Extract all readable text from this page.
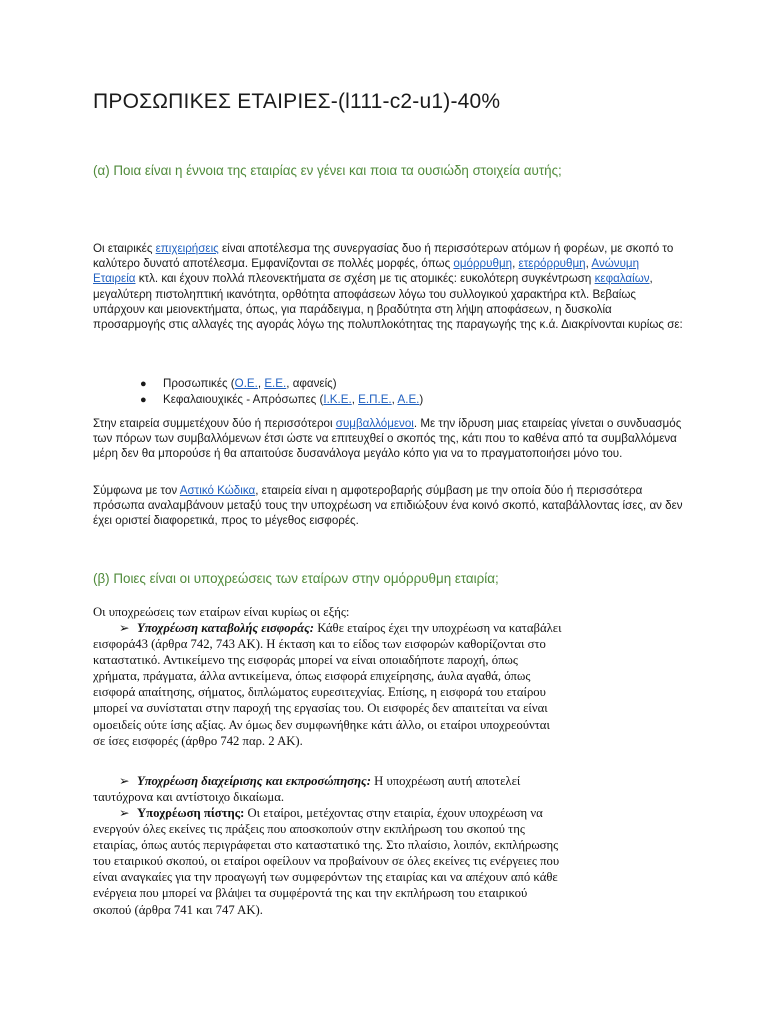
ΠΡΟΣΩΠΙΚΕΣ ΕΤΑΙΡΙΕΣ-(l111-c2-u1)-40%
(α) Ποια είναι η έννοια της εταιρίας εν γένει και ποια τα ουσιώδη στοιχεία αυτής;

Οι εταιρικές επιχειρήσεις είναι αποτέλεσμα της συνεργασίας δυο ή περισσότερων ατόμων ή φορέων, με σκοπό το καλύτερο δυνατό αποτέλεσμα. Εμφανίζονται σε πολλές μορφές, όπως ομόρρυθμη, ετερόρρυθμη, Ανώνυμη Εταιρεία κτλ. και έχουν πολλά πλεονεκτήματα σε σχέση με τις ατομικές: ευκολότερη συγκέντρωση κεφαλαίων, μεγαλύτερη πιστοληπτική ικανότητα, ορθότητα αποφάσεων λόγω του συλλογικού χαρακτήρα κτλ. Βεβαίως υπάρχουν και μειονεκτήματα, όπως, για παράδειγμα, η βραδύτητα στη λήψη αποφάσεων, η δυσκολία προσαρμογής στις αλλαγές της αγοράς λόγω της πολυπλοκότητας της παραγωγής της κ.ά. Διακρίνονται κυρίως σε:

● Προσωπικές (Ο.Ε., Ε.Ε., αφανείς)
● Κεφαλαιουχικές - Απρόσωπες (Ι.Κ.Ε., Ε.Π.Ε., Α.Ε.)

Στην εταιρεία συμμετέχουν δύο ή περισσότεροι συμβαλλόμενοι. Με την ίδρυση μιας εταιρείας γίνεται ο συνδυασμός των πόρων των συμβαλλόμενων έτσι ώστε να επιτευχθεί ο σκοπός της, κάτι που το καθένα από τα συμβαλλόμενα μέρη δεν θα μπορούσε ή θα απαιτούσε δυσανάλογα μεγάλο κόπο για να το πραγματοποιήσει μόνο του.

Σύμφωνα με τον Αστικό Κώδικα, εταιρεία είναι η αμφοτεροβαρής σύμβαση με την οποία δύο ή περισσότερα πρόσωπα αναλαμβάνουν μεταξύ τους την υποχρέωση να επιδιώξουν ένα κοινό σκοπό, καταβάλλοντας ίσες, αν δεν έχει οριστεί διαφορετικά, προς το μέγεθος εισφορές.

(β) Ποιες είναι οι υποχρεώσεις των εταίρων στην ομόρρυθμη εταιρία;

Οι υποχρεώσεις των εταίρων είναι κυρίως οι εξής:

➢ Υποχρέωση καταβολής εισφοράς: Κάθε εταίρος έχει την υποχρέωση να καταβάλει εισφορά43 (άρθρα 742, 743 ΑΚ). Η έκταση και το είδος των εισφορών καθορίζονται στο καταστατικό. Αντικείμενο της εισφοράς μπορεί να είναι οποιαδήποτε παροχή, όπως χρήματα, πράγματα, άλλα αντικείμενα, όπως εισφορά επιχείρησης, άυλα αγαθά, όπως εισφορά απαίτησης, σήματος, διπλώματος ευρεσιτεχνίας. Επίσης, η εισφορά του εταίρου μπορεί να συνίσταται στην παροχή της εργασίας του. Οι εισφορές δεν απαιτείται να είναι ομοειδείς ούτε ίσης αξίας. Αν όμως δεν συμφωνήθηκε κάτι άλλο, οι εταίροι υποχρεούνται σε ίσες εισφορές (άρθρο 742 παρ. 2 ΑΚ).

➢ Υποχρέωση διαχείρισης και εκπροσώπησης: Η υποχρέωση αυτή αποτελεί ταυτόχρονα και αντίστοιχο δικαίωμα.

➢ Υποχρέωση πίστης: Οι εταίροι, μετέχοντας στην εταιρία, έχουν υποχρέωση να ενεργούν όλες εκείνες τις πράξεις που αποσκοπούν στην εκπλήρωση του σκοπού της εταιρίας, όπως αυτός περιγράφεται στο καταστατικό της. Στο πλαίσιο, λοιπόν, εκπλήρωσης του εταιρικού σκοπού, οι εταίροι οφείλουν να προβαίνουν σε όλες εκείνες τις ενέργειες που είναι αναγκαίες για την προαγωγή των συμφερόντων της εταιρίας και να απέχουν από κάθε ενέργεια που μπορεί να βλάψει τα συμφέροντά της και την εκπλήρωση του εταιρικού σκοπού (άρθρα 741 και 747 ΑΚ).
